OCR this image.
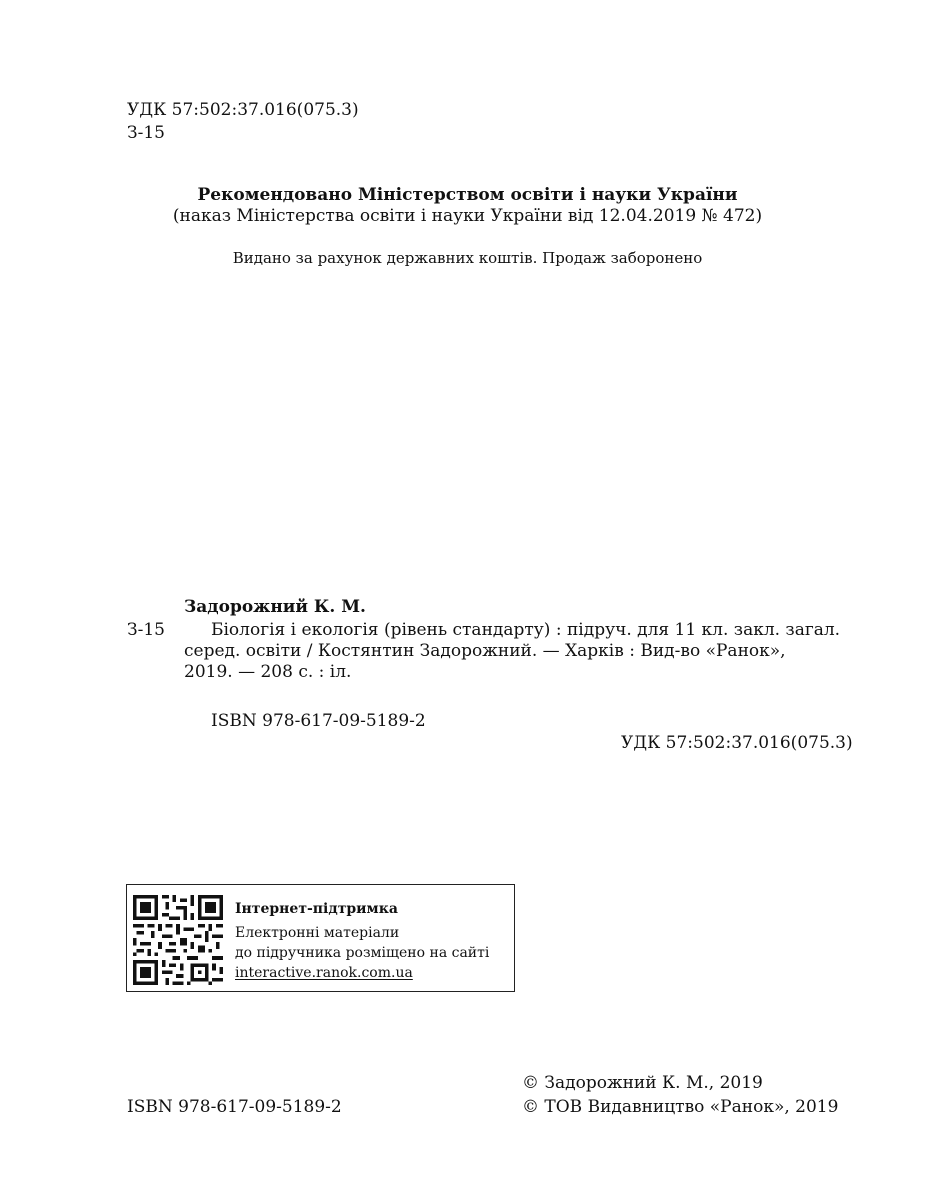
УДК 57:502:37.016(075.3)
З-15
Рекомендовано Міністерством освіти і науки України
(наказ Міністерства освіти і науки України від 12.04.2019 № 472)
Видано за рахунок державних коштів. Продаж заборонено
Задорожний К. М.
З-15	Біологія і екологія (рівень стандарту) : підруч. для 11 кл. закл. загал.
серед. освіти / Костянтин Задорожний. — Харків : Вид-во «Ранок»,
2019. — 208 с. : іл.
ISBN 978-617-09-5189-2
УДК 57:502:37.016(075.3)
Інтернет-підтримка
Електронні матеріали
до підручника розміщено на сайті
interactive.ranok.com.ua
ISBN 978-617-09-5189-2
© Задорожний К. М., 2019
© ТОВ Видавництво «Ранок», 2019
